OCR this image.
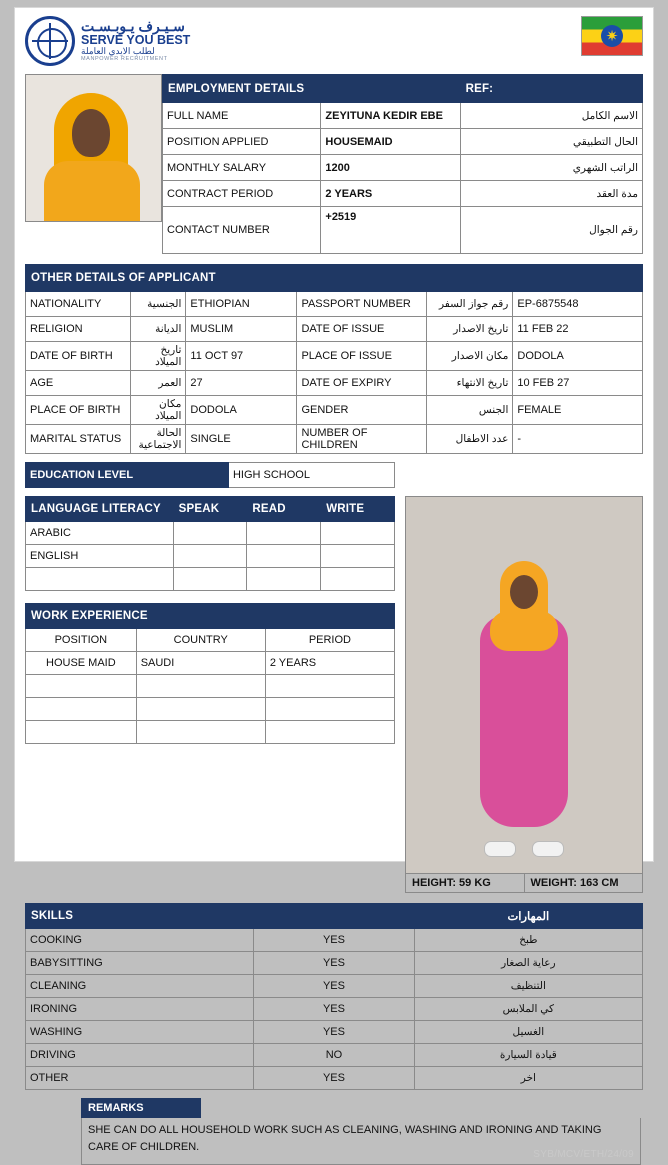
سـيـرف يـوبـسـت
SERVE YOU BEST
لطلب الايدي العاملة
MANPOWER RECRUITMENT
✷
EMPLOYMENT DETAILS		REF:
FULL NAME	ZEYITUNA KEDIR EBE	الاسم الكامل
POSITION APPLIED	HOUSEMAID	الحال التطبيقي
MONTHLY SALARY	1200	الراتب الشهري
CONTRACT PERIOD	2 YEARS	مدة العقد
CONTACT NUMBER	+2519	رقم الجوال
OTHER DETAILS OF APPLICANT					
NATIONALITY	الجنسية	ETHIOPIAN	PASSPORT NUMBER	رقم جواز السفر	EP-6875548
RELIGION	الديانة	MUSLIM	DATE OF ISSUE	تاريخ الاصدار	11 FEB 22
DATE OF BIRTH	تاريخ الميلاد	11 OCT 97	PLACE OF ISSUE	مكان الاصدار	DODOLA
AGE	العمر	27	DATE OF EXPIRY	تاريخ الانتهاء	10 FEB 27
PLACE OF BIRTH	مكان الميلاد	DODOLA	GENDER	الجنس	FEMALE
MARITAL STATUS	الحالة الاجتماعية	SINGLE	NUMBER OF CHILDREN	عدد الاطفال	-
EDUCATION LEVEL	HIGH SCHOOL
LANGUAGE LITERACY	SPEAK	READ	WRITE
ARABIC			
ENGLISH			

WORK EXPERIENCE		
POSITION	COUNTRY	PERIOD
HOUSE MAID	SAUDI	2 YEARS

HEIGHT: 59 KG	WEIGHT: 163 CM
SKILLS		المهارات
COOKING	YES	طبخ
BABYSITTING	YES	رعاية الصغار
CLEANING	YES	التنظيف
IRONING	YES	كي الملابس
WASHING	YES	الغسيل
DRIVING	NO	قيادة السيارة
OTHER	YES	اخر
REMARKS
SHE CAN DO ALL HOUSEHOLD WORK SUCH AS CLEANING, WASHING AND IRONING AND TAKING CARE OF CHILDREN.
SYB/MCV/ETH/24/09
